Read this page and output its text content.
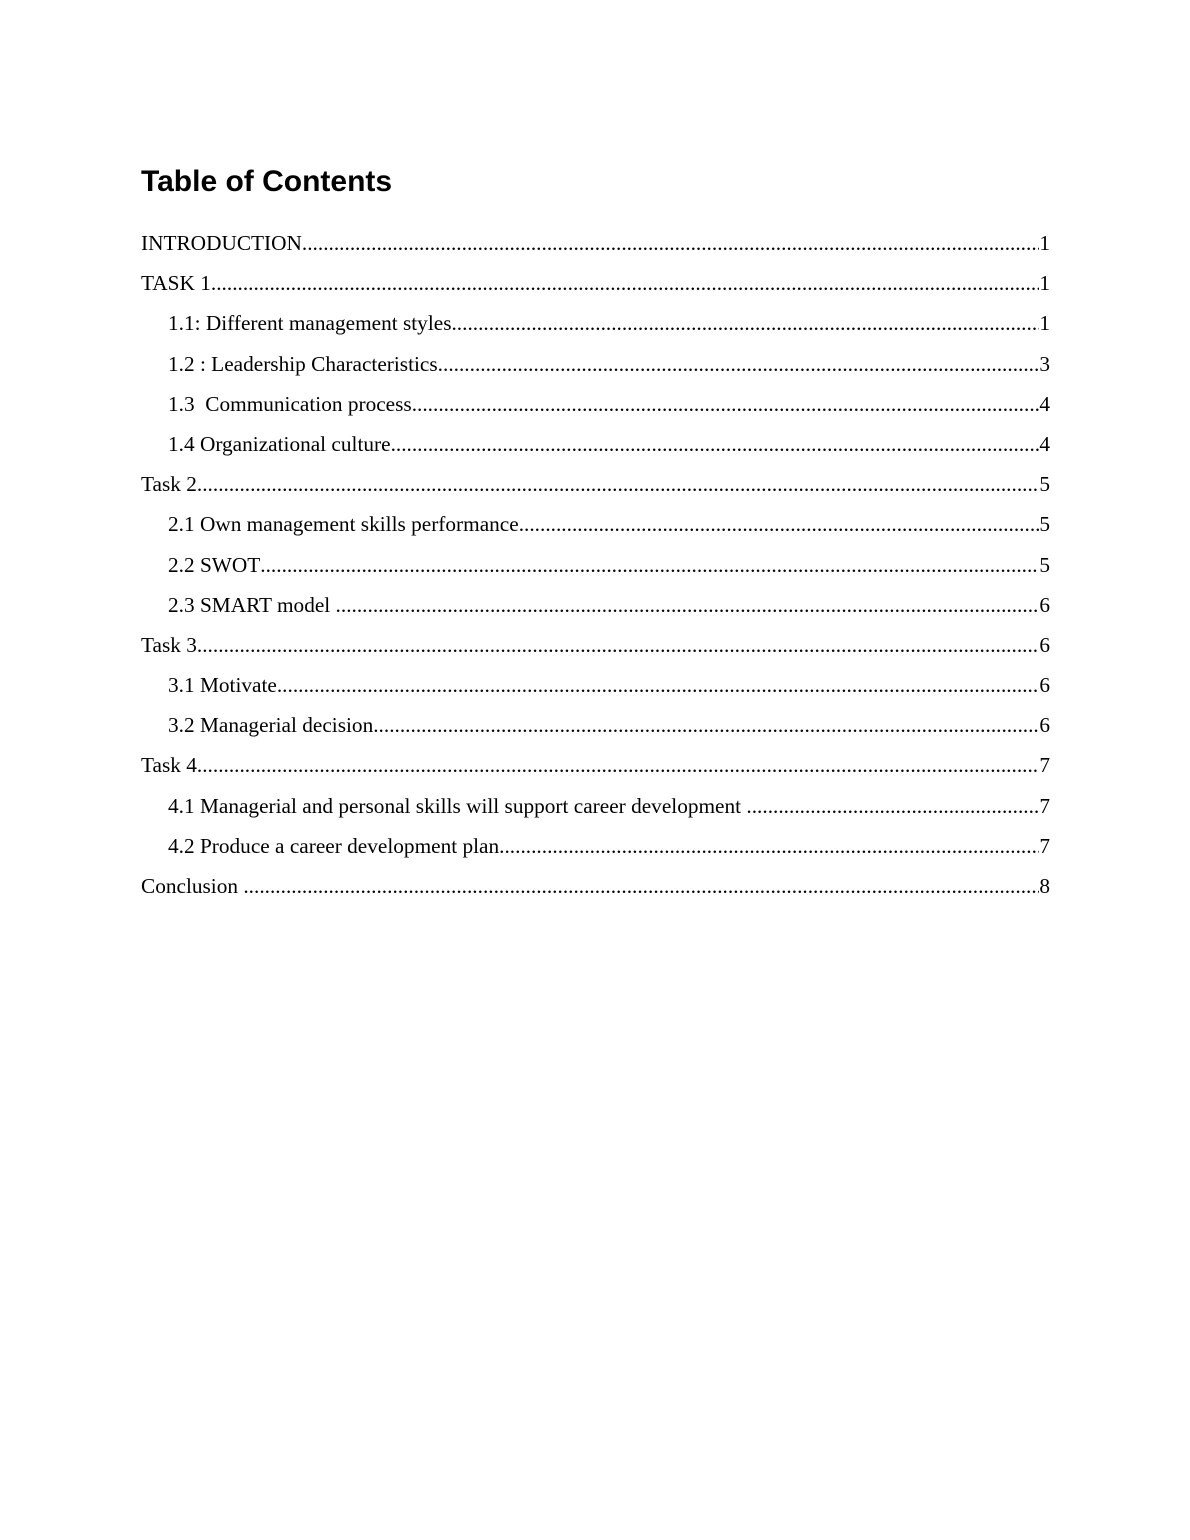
Table of Contents
INTRODUCTION .....	1
TASK 1 .....	1
1.1: Different management styles .....	1
1.2 : Leadership Characteristics .....	3
1.3  Communication process .....	4
1.4 Organizational culture .....	4
Task 2 .....	5
2.1 Own management skills performance .....	5
2.2 SWOT .....	5
2.3 SMART model .....	6
Task 3 .....	6
3.1 Motivate .....	6
3.2 Managerial decision .....	6
Task 4 .....	7
4.1 Managerial and personal skills will support career development .....	7
4.2 Produce a career development plan .....	7
Conclusion .....	8
